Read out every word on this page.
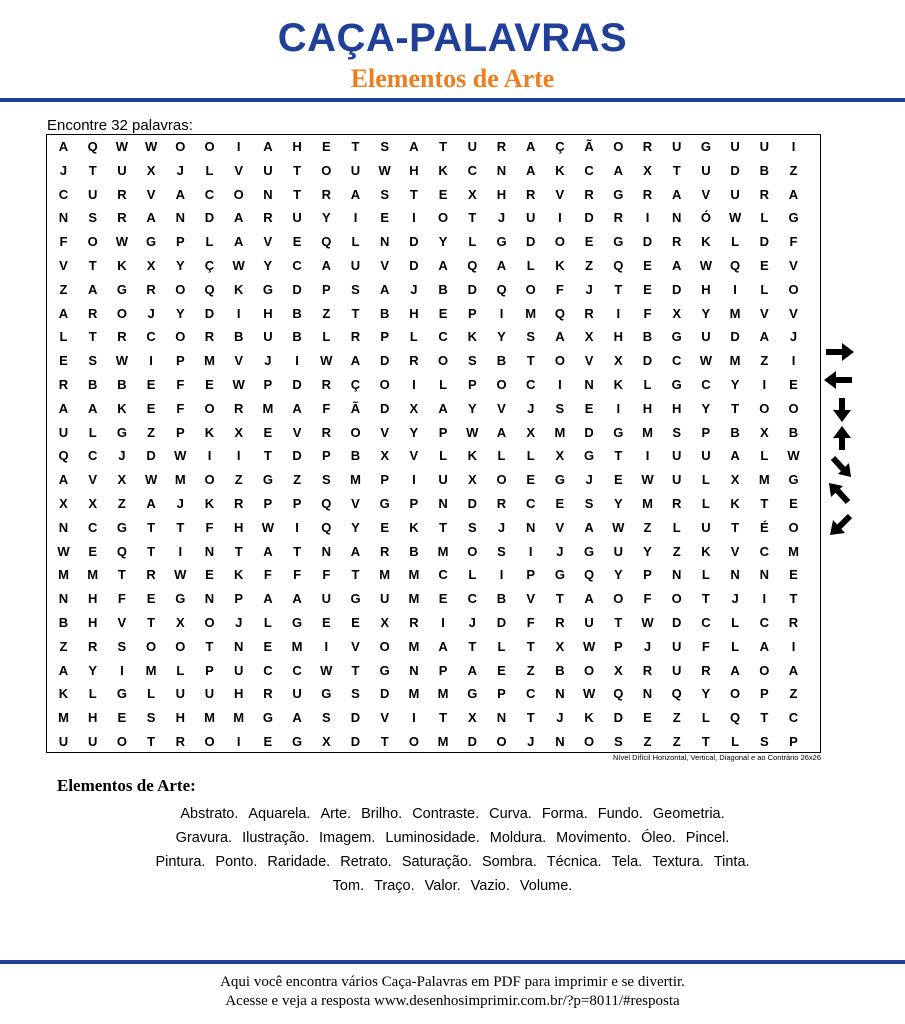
CAÇA-PALAVRAS
Elementos de Arte
Encontre 32 palavras:
A	Q	W	W	O	O	I	A	H	E	T	S	A	T	U	R	A	Ç	Ã	O	R	U	G	U	U	I
J	T	U	X	J	L	V	U	T	O	U	W	H	K	C	N	A	K	C	A	X	T	U	D	B	Z
C	U	R	V	A	C	O	N	T	R	A	S	T	E	X	H	R	V	R	G	R	A	V	U	R	A
N	S	R	A	N	D	A	R	U	Y	I	E	I	O	T	J	U	I	D	R	I	N	Ó	W	L	G
F	O	W	G	P	L	A	V	E	Q	L	N	D	Y	L	G	D	O	E	G	D	R	K	L	D	F
V	T	K	X	Y	Ç	W	Y	C	A	U	V	D	A	Q	A	L	K	Z	Q	E	A	W	Q	E	V
Z	A	G	R	O	Q	K	G	D	P	S	A	J	B	D	Q	O	F	J	T	E	D	H	I	L	O
A	R	O	J	Y	D	I	H	B	Z	T	B	H	E	P	I	M	Q	R	I	F	X	Y	M	V	V
L	T	R	C	O	R	B	U	B	L	R	P	L	C	K	Y	S	A	X	H	B	G	U	D	A	J
E	S	W	I	P	M	V	J	I	W	A	D	R	O	S	B	T	O	V	X	D	C	W	M	Z	I
R	B	B	E	F	E	W	P	D	R	Ç	O	I	L	P	O	C	I	N	K	L	G	C	Y	I	E
A	A	K	E	F	O	R	M	A	F	Ã	D	X	A	Y	V	J	S	E	I	H	H	Y	T	O	O
U	L	G	Z	P	K	X	E	V	R	O	V	Y	P	W	A	X	M	D	G	M	S	P	B	X	B
Q	C	J	D	W	I	I	T	D	P	B	X	V	L	K	L	L	X	G	T	I	U	U	A	L	W
A	V	X	W	M	O	Z	G	Z	S	M	P	I	U	X	O	E	G	J	E	W	U	L	X	M	G
X	X	Z	A	J	K	R	P	P	Q	V	G	P	N	D	R	C	E	S	Y	M	R	L	K	T	E
N	C	G	T	T	F	H	W	I	Q	Y	E	K	T	S	J	N	V	A	W	Z	L	U	T	É	O
W	E	Q	T	I	N	T	A	T	N	A	R	B	M	O	S	I	J	G	U	Y	Z	K	V	C	M
M	M	T	R	W	E	K	F	F	F	T	M	M	C	L	I	P	G	Q	Y	P	N	L	N	N	E
N	H	F	E	G	N	P	A	A	U	G	U	M	E	C	B	V	T	A	O	F	O	T	J	I	T
B	H	V	T	X	O	J	L	G	E	E	X	R	I	J	D	F	R	U	T	W	D	C	L	C	R
Z	R	S	O	O	T	N	E	M	I	V	O	M	A	T	L	T	X	W	P	J	U	F	L	A	I
A	Y	I	M	L	P	U	C	C	W	T	G	N	P	A	E	Z	B	O	X	R	U	R	A	O	A
K	L	G	L	U	U	H	R	U	G	S	D	M	M	G	P	C	N	W	Q	N	Q	Y	O	P	Z
M	H	E	S	H	M	M	G	A	S	D	V	I	T	X	N	T	J	K	D	E	Z	L	Q	T	C
U	U	O	T	R	O	I	E	G	X	D	T	O	M	D	O	J	N	O	S	Z	Z	T	L	S	P
Nível Difícil Horizontal, Vertical, Diagonal e ao Contrário 26x26
Elementos de Arte:
Abstrato. Aquarela. Arte. Brilho. Contraste. Curva. Forma. Fundo. Geometria.
Gravura. Ilustração. Imagem. Luminosidade. Moldura. Movimento. Óleo. Pincel.
Pintura. Ponto. Raridade. Retrato. Saturação. Sombra. Técnica. Tela. Textura. Tinta.
Tom. Traço. Valor. Vazio. Volume.
Aqui você encontra vários Caça-Palavras em PDF para imprimir e se divertir.
Acesse e veja a resposta www.desenhosimprimir.com.br/?p=8011/#resposta
